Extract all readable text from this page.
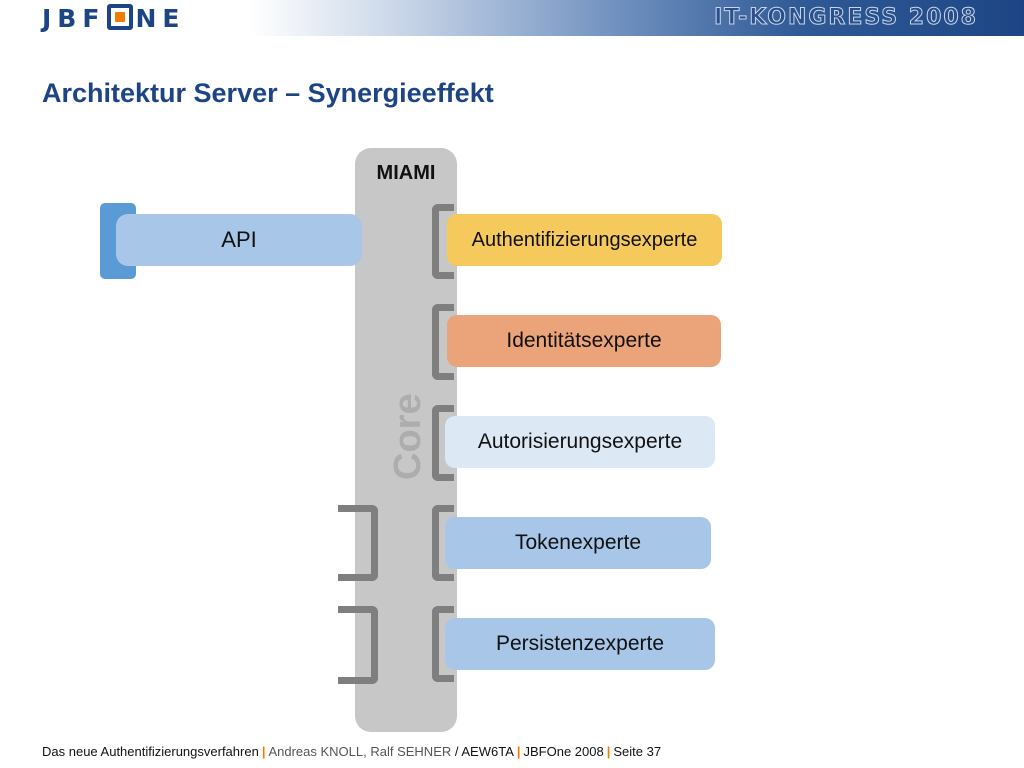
JBF NE	IT-KONGRESS 2008
Architektur Server – Synergieeffekt
MIAMI
Core
API	Authentifizierungsexperte
Identitätsexperte
Autorisierungsexperte
Tokenexperte
Persistenzexperte
Das neue Authentifizierungsverfahren | Andreas KNOLL, Ralf SEHNER / AEW6TA | JBFOne 2008 | Seite 37
